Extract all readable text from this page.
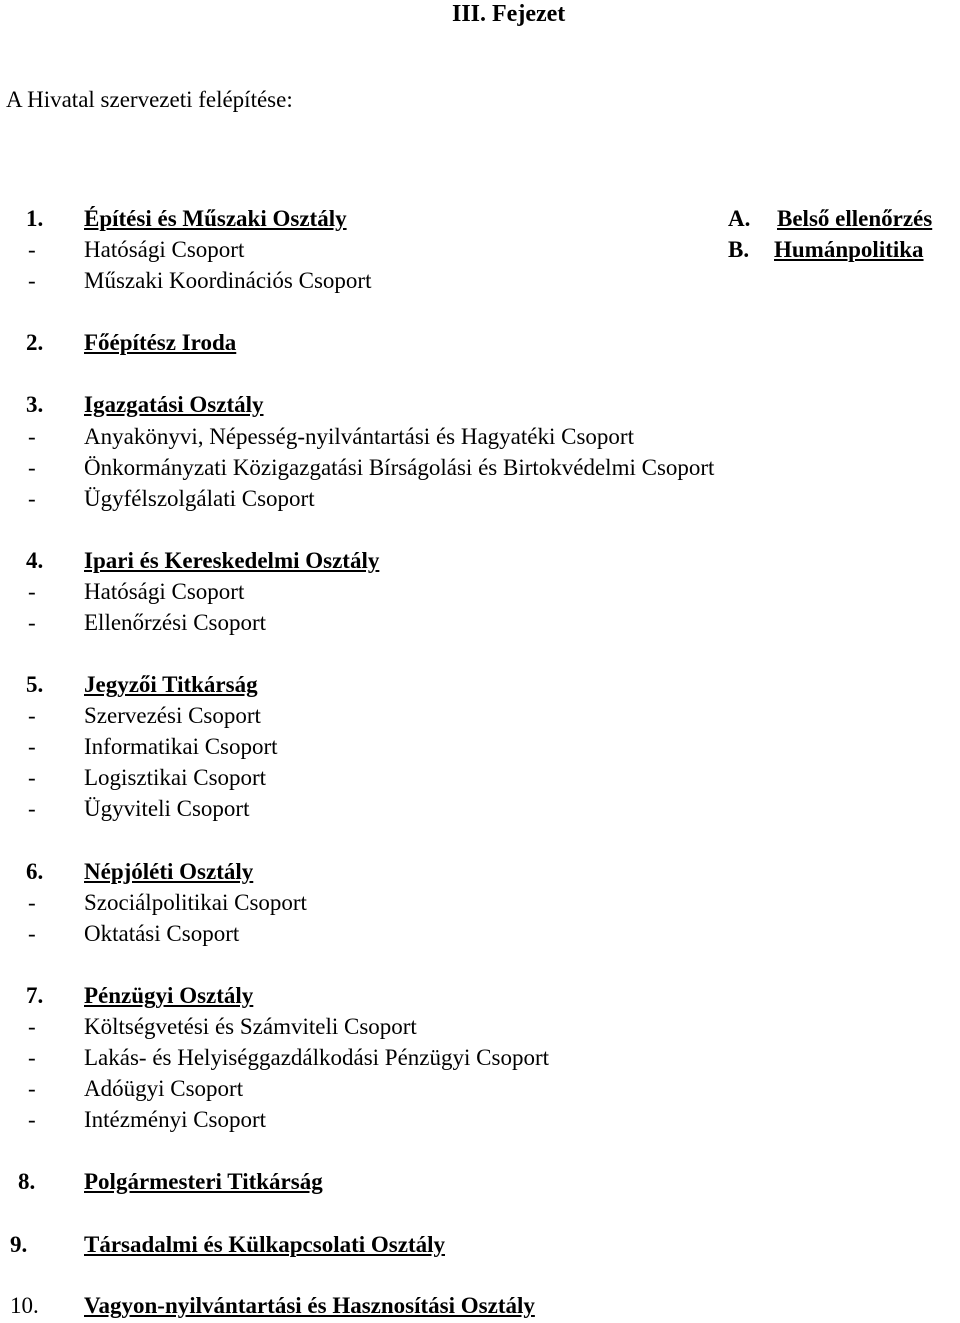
III. Fejezet
A Hivatal szervezeti felépítése:
A. Belső ellenőrzés
B. Humánpolitika
1. Építési és Műszaki Osztály
- Hatósági Csoport
- Műszaki Koordinációs Csoport
2. Főépítész Iroda
3. Igazgatási Osztály
- Anyakönyvi, Népesség-nyilvántartási és Hagyatéki Csoport
- Önkormányzati Közigazgatási Bírságolási és Birtokvédelmi Csoport
- Ügyfélszolgálati Csoport
4. Ipari és Kereskedelmi Osztály
- Hatósági Csoport
- Ellenőrzési Csoport
5. Jegyzői Titkárság
- Szervezési Csoport
- Informatikai Csoport
- Logisztikai Csoport
- Ügyviteli Csoport
6. Népjóléti Osztály
- Szociálpolitikai Csoport
- Oktatási Csoport
7. Pénzügyi Osztály
- Költségvetési és Számviteli Csoport
- Lakás- és Helyiséggazdálkodási Pénzügyi Csoport
- Adóügyi Csoport
- Intézményi Csoport
8. Polgármesteri Titkárság
9. Társadalmi és Külkapcsolati Osztály
10. Vagyon-nyilvántartási és Hasznosítási Osztály
